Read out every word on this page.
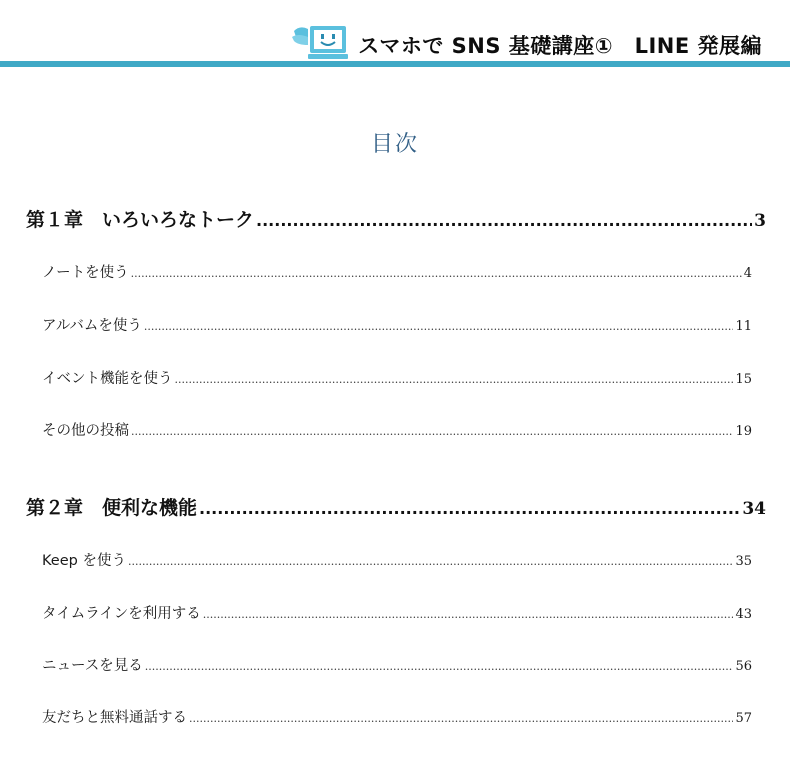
スマホで SNS 基礎講座①　LINE 発展編
目次
第１章　いろいろなトーク .....	3
ノートを使う .....	4
アルバムを使う .....	11
イベント機能を使う .....	15
その他の投稿 .....	19
第２章　便利な機能 .....	34
Keep を使う .....	35
タイムラインを利用する .....	43
ニュースを見る .....	56
友だちと無料通話する .....	57
